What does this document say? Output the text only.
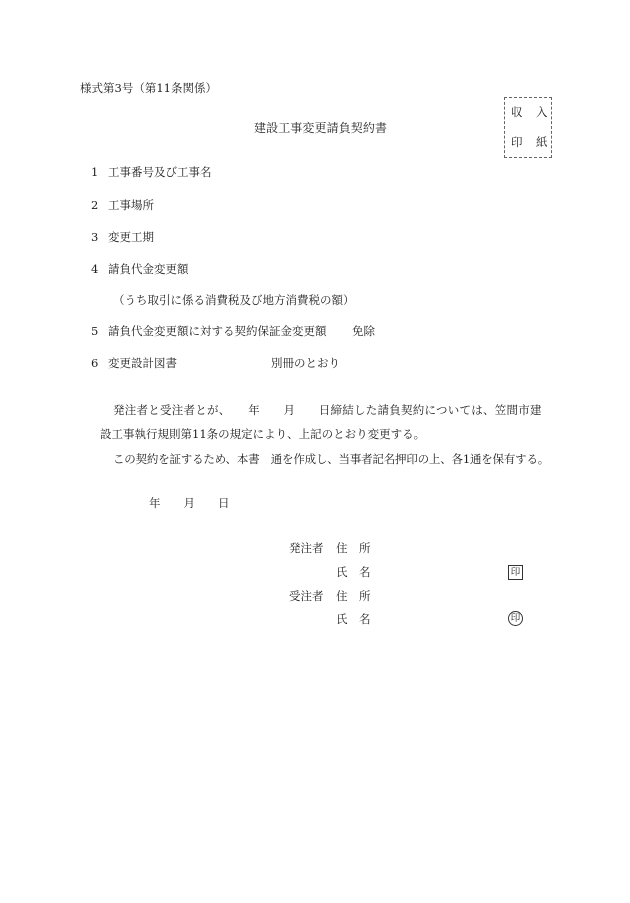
様式第3号（第11条関係）
建設工事変更請負契約書
収　入
印　紙
1 工事番号及び工事名
2 工事場所
3 変更工期
4 請負代金変更額
（うち取引に係る消費税及び地方消費税の額）
5 請負代金変更額に対する契約保証金変更額 免除
6 変更設計図書	別冊のとおり
発注者と受注者とが、　　年　　月　　日締結した請負契約については、笠間市建
設工事執行規則第11条の規定により、上記のとおり変更する。
この契約を証するため、本書　通を作成し、当事者記名押印の上、各1通を保有する。
年　　月　　日
発注者 住　所
氏　名	印
受注者 住　所
氏　名	印
